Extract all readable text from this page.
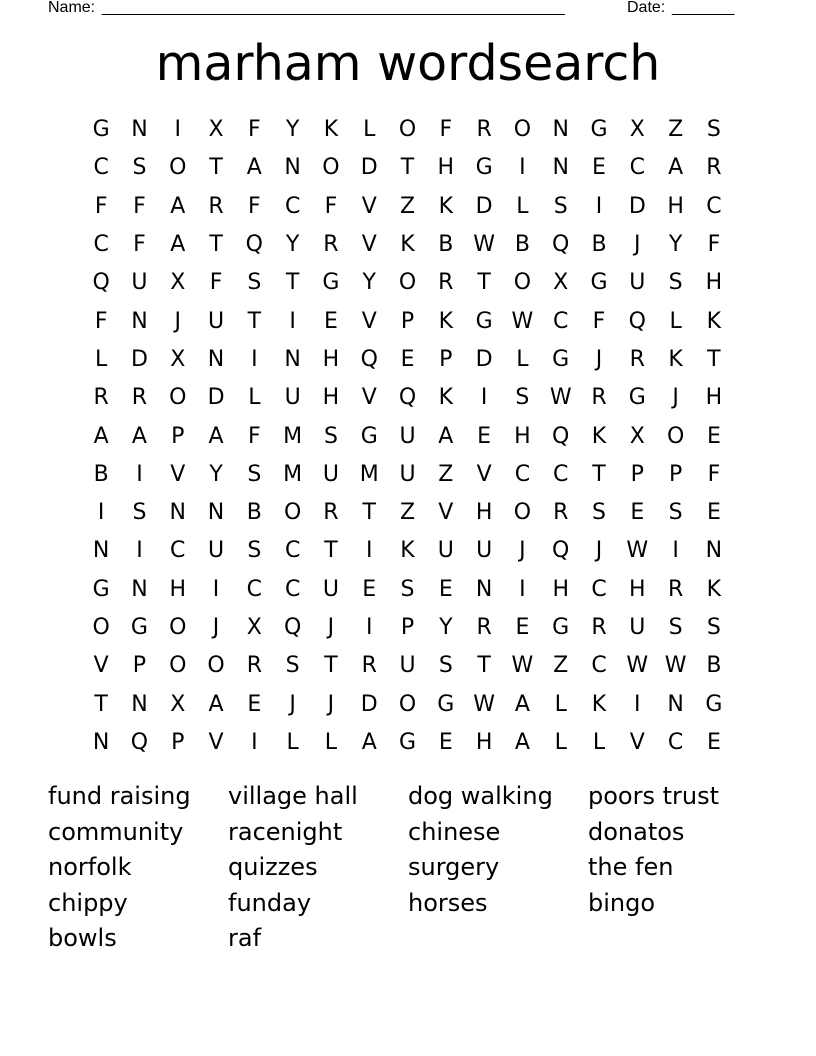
Name: ____________________________________________________	Date: _______
marham wordsearch
G N	I	X	F	Y	K	L	O	F	R O N G	X	Z	S
C	S	O	T	A	N O D	T	H G	I	N	E	C	A	R
F	F	A	R	F	C	F	V	Z	K	D	L	S	I	D H	C
C	F	A	T	Q	Y	R	V	K	B W B	Q	B	J	Y	F
Q U	X	F	S	T	G	Y	O R	T	O	X	G U	S	H
F	N	J	U	T	I	E	V	P	K	G W C	F	Q	L	K
L	D	X	N	I	N H Q	E	P	D	L	G	J	R	K	T
R	R O D	L	U H	V	Q	K	I	S W R	G	J	H
A	A	P	A	F	M S	G U	A	E	H Q	K	X	O	E
B	I	V	Y	S M U M U	Z	V	C	C	T	P	P	F
I	S	N N	B	O R	T	Z	V	H O R	S	E	S	E
N	I	C	U	S	C	T	I	K	U	U	J	Q	J	W	I	N
G N H	I	C	C	U	E	S	E	N	I	H	C	H	R	K
O G O	J	X	Q	J	I	P	Y	R	E	G	R	U	S	S
V	P	O O R	S	T	R	U	S	T W Z	C W W B
T	N	X	A	E	J	J	D O G W A	L	K	I	N G
N Q	P	V	I	L	L	A	G	E	H	A	L	L	V	C	E
fund raising	village hall	dog walking	poors trust
community	racenight	chinese	donatos
norfolk	quizzes	surgery	the fen
chippy	funday	horses	bingo
bowls	raf
